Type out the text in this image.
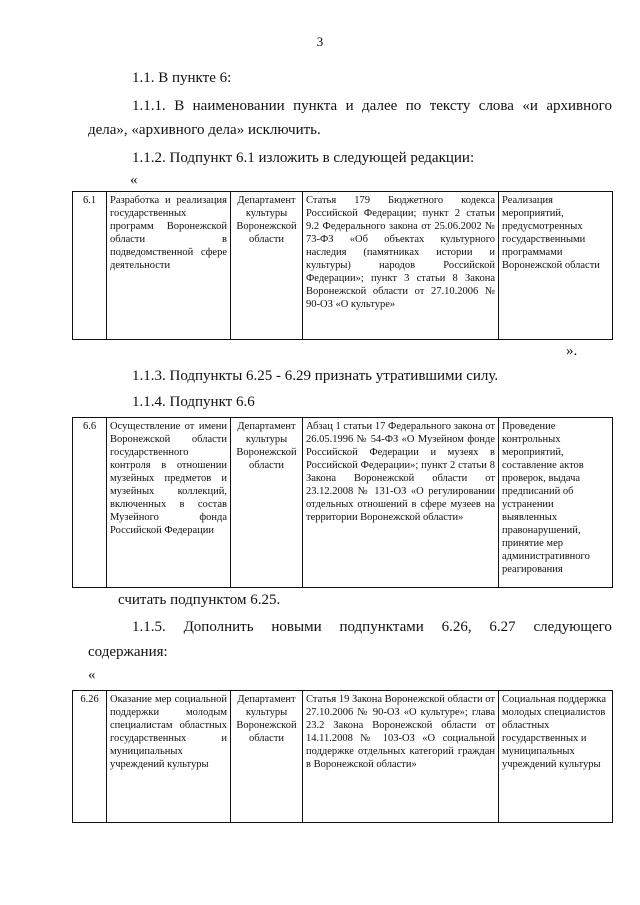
3
1.1. В пункте 6:
1.1.1. В наименовании пункта и далее по тексту слова «и архивного
дела», «архивного дела» исключить.
1.1.2. Подпункт 6.1 изложить в следующей редакции:
«
6.1	Разработка и реализация государственных программ Воронежской области в подведомственной сфере деятельности	Департамент культуры Воронежской области	Статья 179 Бюджетного кодекса Российской Федерации; пункт 2 статьи 9.2 Федерального закона от 25.06.2002 № 73-ФЗ «Об объектах культурного наследия (памятниках истории и культуры) народов Российской Федерации»; пункт 3 статьи 8 Закона Воронежской области от 27.10.2006 № 90-ОЗ «О культуре»	Реализация мероприятий, предусмотренных государственными программами Воронежской области
».
1.1.3. Подпункты 6.25 - 6.29 признать утратившими силу.
1.1.4. Подпункт 6.6
6.6	Осуществление от имени Воронежской области государственного контроля в отношении музейных предметов и музейных коллекций, включенных в состав Музейного фонда Российской Федерации	Департамент культуры Воронежской области	Абзац 1 статьи 17 Федерального закона от 26.05.1996 № 54-ФЗ «О Музейном фонде Российской Федерации и музеях в Российской Федерации»; пункт 2 статьи 8 Закона Воронежской области от 23.12.2008 № 131-ОЗ «О регулировании отдельных отношений в сфере музеев на территории Воронежской области»	Проведение контрольных мероприятий, составление актов проверок, выдача предписаний об устранении выявленных правонарушений, принятие мер административного реагирования
считать подпунктом 6.25.
1.1.5. Дополнить новыми подпунктами 6.26, 6.27 следующего
содержания:
«
6.26	Оказание мер социальной поддержки молодым специалистам областных государственных и муниципальных учреждений культуры	Департамент культуры Воронежской области	Статья 19 Закона Воронежской области от 27.10.2006 № 90-ОЗ «О культуре»; глава 23.2 Закона Воронежской области от 14.11.2008 № 103-ОЗ «О социальной поддержке отдельных категорий граждан в Воронежской области»	Социальная поддержка молодых специалистов областных государственных и муниципальных учреждений культуры
